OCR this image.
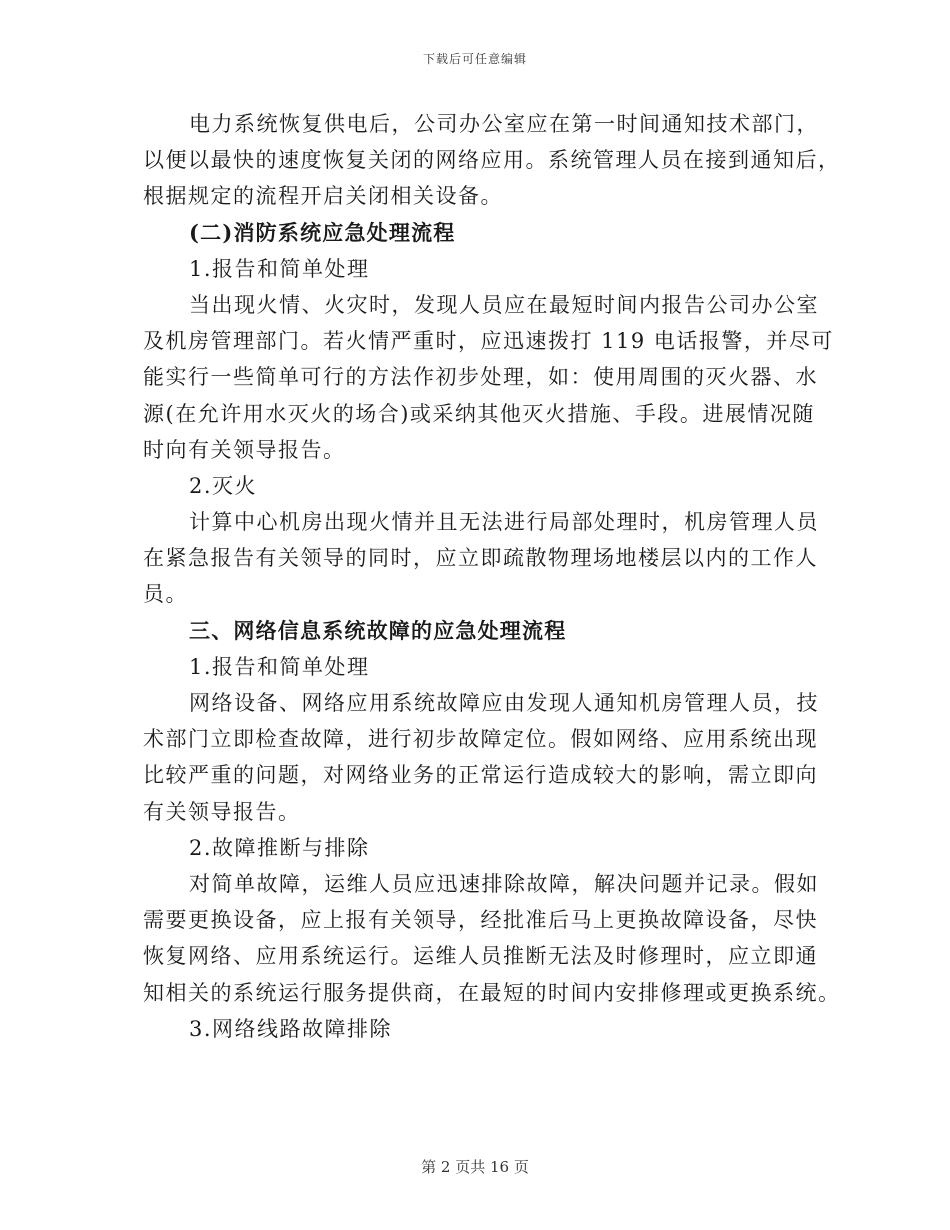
下载后可任意编辑
电力系统恢复供电后，公司办公室应在第一时间通知技术部门，
以便以最快的速度恢复关闭的网络应用。系统管理人员在接到通知后，
根据规定的流程开启关闭相关设备。
(二)消防系统应急处理流程
1.报告和简单处理
当出现火情、火灾时，发现人员应在最短时间内报告公司办公室
及机房管理部门。若火情严重时，应迅速拨打 119 电话报警，并尽可
能实行一些简单可行的方法作初步处理，如：使用周围的灭火器、水
源(在允许用水灭火的场合)或采纳其他灭火措施、手段。进展情况随
时向有关领导报告。
2.灭火
计算中心机房出现火情并且无法进行局部处理时，机房管理人员
在紧急报告有关领导的同时，应立即疏散物理场地楼层以内的工作人
员。
三、网络信息系统故障的应急处理流程
1.报告和简单处理
网络设备、网络应用系统故障应由发现人通知机房管理人员，技
术部门立即检查故障，进行初步故障定位。假如网络、应用系统出现
比较严重的问题，对网络业务的正常运行造成较大的影响，需立即向
有关领导报告。
2.故障推断与排除
对简单故障，运维人员应迅速排除故障，解决问题并记录。假如
需要更换设备，应上报有关领导，经批准后马上更换故障设备，尽快
恢复网络、应用系统运行。运维人员推断无法及时修理时，应立即通
知相关的系统运行服务提供商，在最短的时间内安排修理或更换系统。
3.网络线路故障排除
第 2 页共 16 页
